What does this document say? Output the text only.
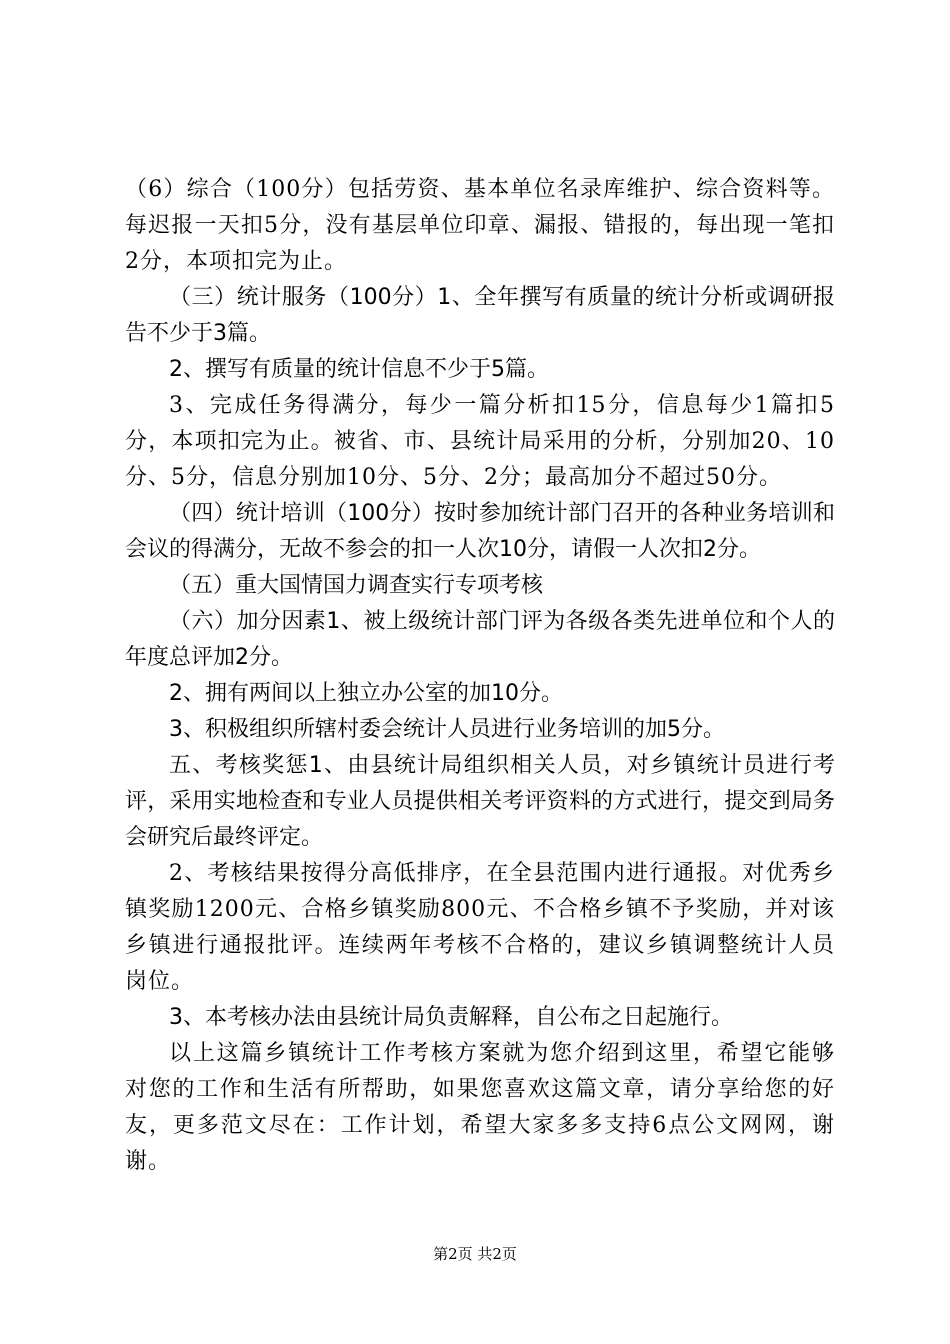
（6）综合（100分）包括劳资、基本单位名录库维护、综合资料等。每迟报一天扣5分，没有基层单位印章、漏报、错报的，每出现一笔扣2分，本项扣完为止。

（三）统计服务（100分）1、全年撰写有质量的统计分析或调研报告不少于3篇。

2、撰写有质量的统计信息不少于5篇。

3、完成任务得满分，每少一篇分析扣15分，信息每少1篇扣5分，本项扣完为止。被省、市、县统计局采用的分析，分别加20、10分、5分，信息分别加10分、5分、2分；最高加分不超过50分。

（四）统计培训（100分）按时参加统计部门召开的各种业务培训和会议的得满分，无故不参会的扣一人次10分，请假一人次扣2分。

（五）重大国情国力调查实行专项考核

（六）加分因素1、被上级统计部门评为各级各类先进单位和个人的年度总评加2分。

2、拥有两间以上独立办公室的加10分。

3、积极组织所辖村委会统计人员进行业务培训的加5分。

五、考核奖惩1、由县统计局组织相关人员，对乡镇统计员进行考评，采用实地检查和专业人员提供相关考评资料的方式进行，提交到局务会研究后最终评定。

2、考核结果按得分高低排序，在全县范围内进行通报。对优秀乡镇奖励1200元、合格乡镇奖励800元、不合格乡镇不予奖励，并对该乡镇进行通报批评。连续两年考核不合格的，建议乡镇调整统计人员岗位。

3、本考核办法由县统计局负责解释，自公布之日起施行。

以上这篇乡镇统计工作考核方案就为您介绍到这里，希望它能够对您的工作和生活有所帮助，如果您喜欢这篇文章，请分享给您的好友，更多范文尽在：工作计划，希望大家多多支持6点公文网网，谢谢。

第2页 共2页
